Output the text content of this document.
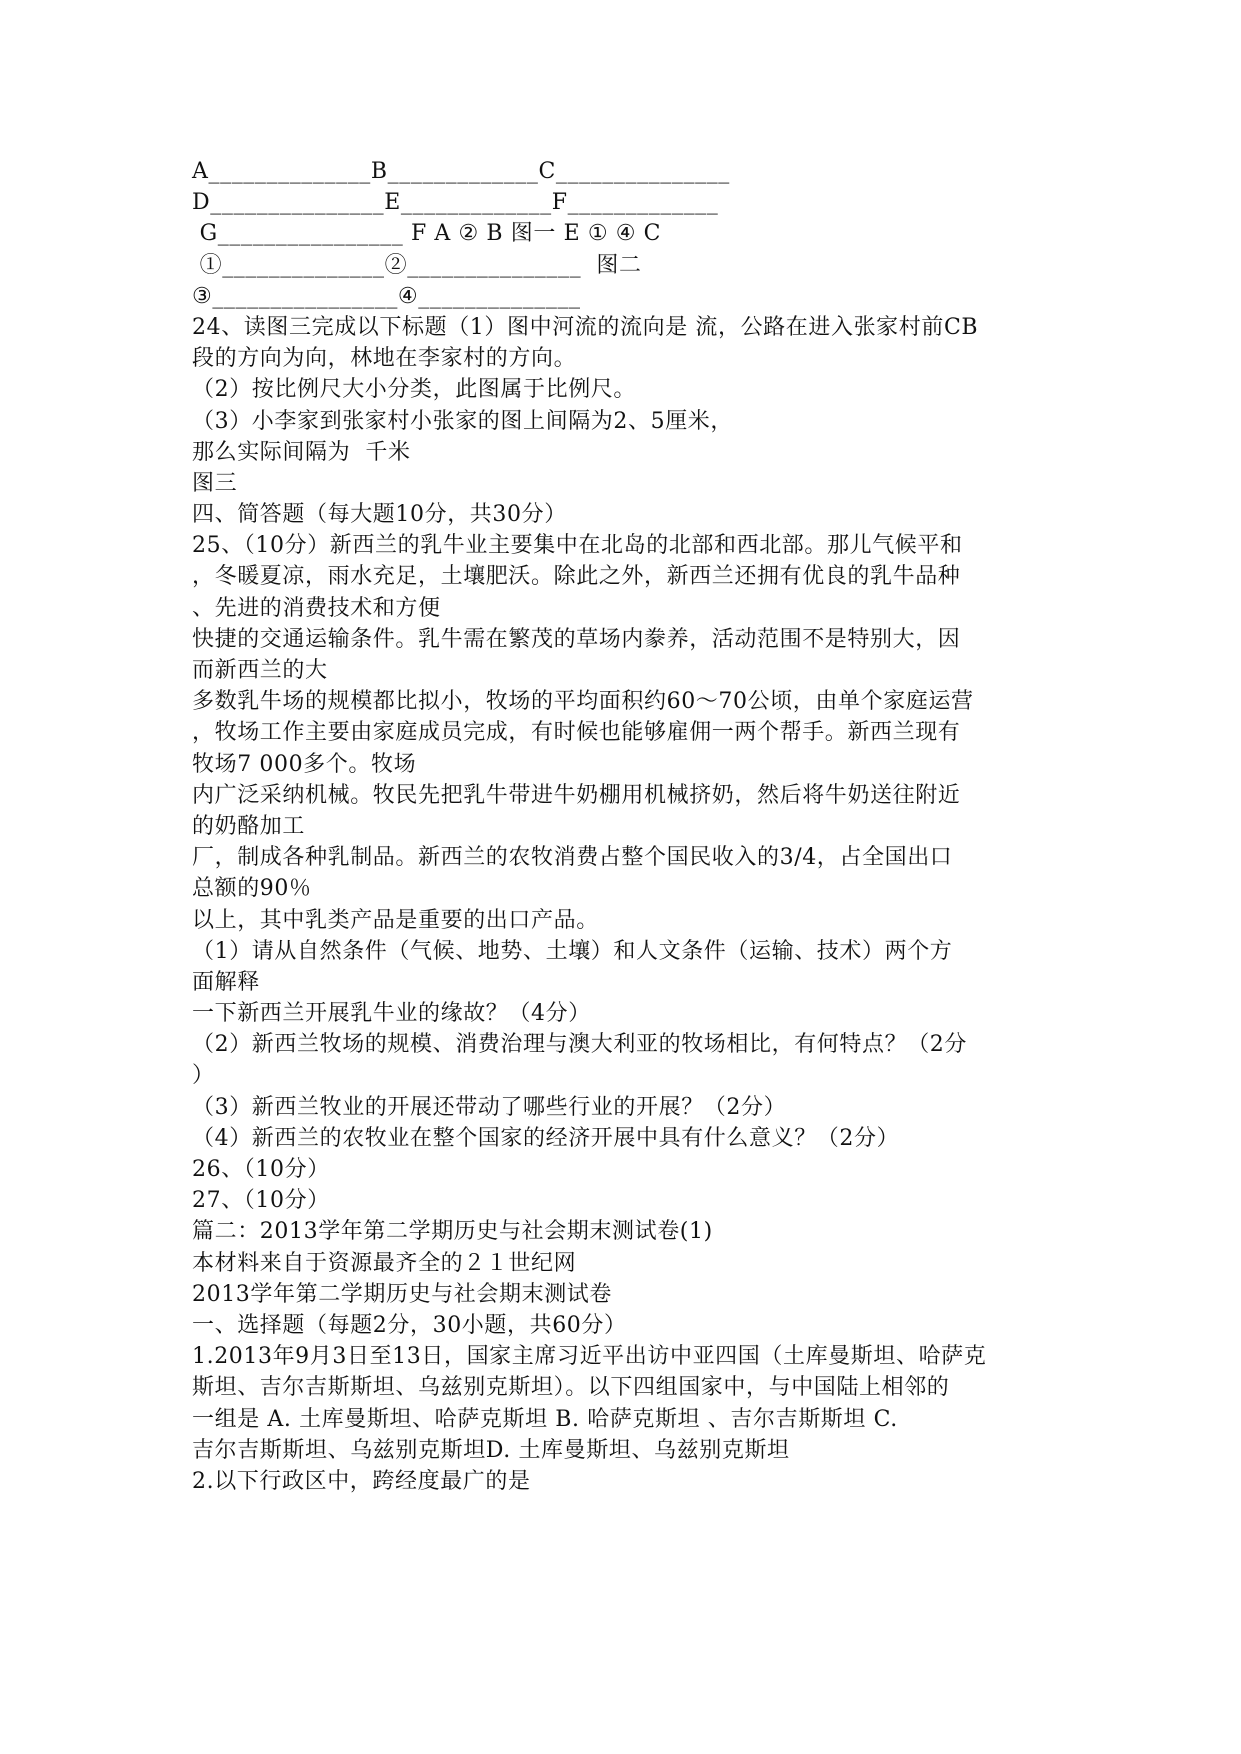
A______________B_____________C_______________
D_______________E_____________F_____________
G________________ F A ② B 图一 E ① ④ C
①______________②_______________  图二
③________________④______________
24、读图三完成以下标题（1）图中河流的流向是 流，公路在进入张家村前CB
段的方向为向，林地在李家村的方向。
（2）按比例尺大小分类，此图属于比例尺。
（3）小李家到张家村小张家的图上间隔为2、5厘米，
那么实际间隔为  千米
图三
四、简答题（每大题10分，共30分）
25、（10分）新西兰的乳牛业主要集中在北岛的北部和西北部。那儿气候平和
，冬暖夏凉，雨水充足，土壤肥沃。除此之外，新西兰还拥有优良的乳牛品种
、先进的消费技术和方便
快捷的交通运输条件。乳牛需在繁茂的草场内豢养，活动范围不是特别大，因
而新西兰的大
多数乳牛场的规模都比拟小，牧场的平均面积约60～70公顷，由单个家庭运营
，牧场工作主要由家庭成员完成，有时候也能够雇佣一两个帮手。新西兰现有
牧场7 000多个。牧场
内广泛采纳机械。牧民先把乳牛带进牛奶棚用机械挤奶，然后将牛奶送往附近
的奶酪加工
厂，制成各种乳制品。新西兰的农牧消费占整个国民收入的3/4，占全国出口
总额的90％
以上，其中乳类产品是重要的出口产品。
（1）请从自然条件（气候、地势、土壤）和人文条件（运输、技术）两个方
面解释
一下新西兰开展乳牛业的缘故？（4分）
（2）新西兰牧场的规模、消费治理与澳大利亚的牧场相比，有何特点？（2分
）
（3）新西兰牧业的开展还带动了哪些行业的开展？（2分）
（4）新西兰的农牧业在整个国家的经济开展中具有什么意义？（2分）
26、（10分）
27、（10分）
篇二：2013学年第二学期历史与社会期末测试卷(1)
本材料来自于资源最齐全的２１世纪网
2013学年第二学期历史与社会期末测试卷
一、选择题（每题2分，30小题，共60分）
1.2013年9月3日至13日，国家主席习近平出访中亚四国（土库曼斯坦、哈萨克
斯坦、吉尔吉斯斯坦、乌兹别克斯坦）。以下四组国家中，与中国陆上相邻的
一组是 A. 土库曼斯坦、哈萨克斯坦 B. 哈萨克斯坦 、吉尔吉斯斯坦 C.
吉尔吉斯斯坦、乌兹别克斯坦D. 土库曼斯坦、乌兹别克斯坦
2.以下行政区中，跨经度最广的是
